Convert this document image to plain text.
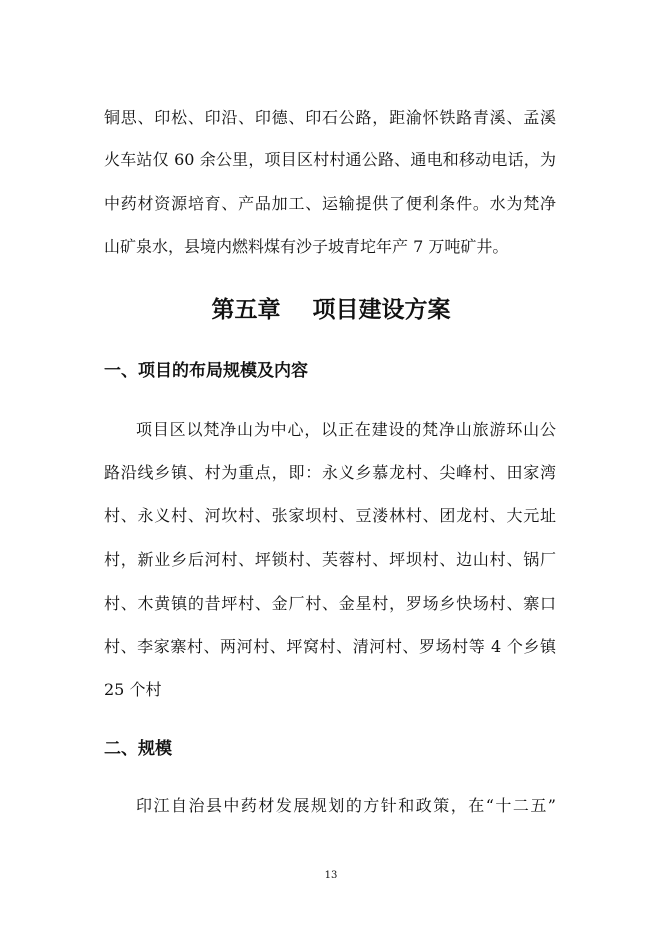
铜思、印松、印沿、印德、印石公路，距渝怀铁路青溪、孟溪
火车站仅 60 余公里，项目区村村通公路、通电和移动电话，为
中药材资源培育、产品加工、运输提供了便利条件。水为梵净
山矿泉水，县境内燃料煤有沙子坡青坨年产 7 万吨矿井。
第五章    项目建设方案
一、项目的布局规模及内容
项目区以梵净山为中心，以正在建设的梵净山旅游环山公
路沿线乡镇、村为重点，即：永义乡慕龙村、尖峰村、田家湾
村、永义村、河坎村、张家坝村、豆溇林村、团龙村、大元址
村，新业乡后河村、坪锁村、芙蓉村、坪坝村、边山村、锅厂
村、木黄镇的昔坪村、金厂村、金星村，罗场乡快场村、寨口
村、李家寨村、两河村、坪窝村、清河村、罗场村等 4 个乡镇
25 个村
二、规模
印江自治县中药材发展规划的方针和政策，在“十二五”
13
